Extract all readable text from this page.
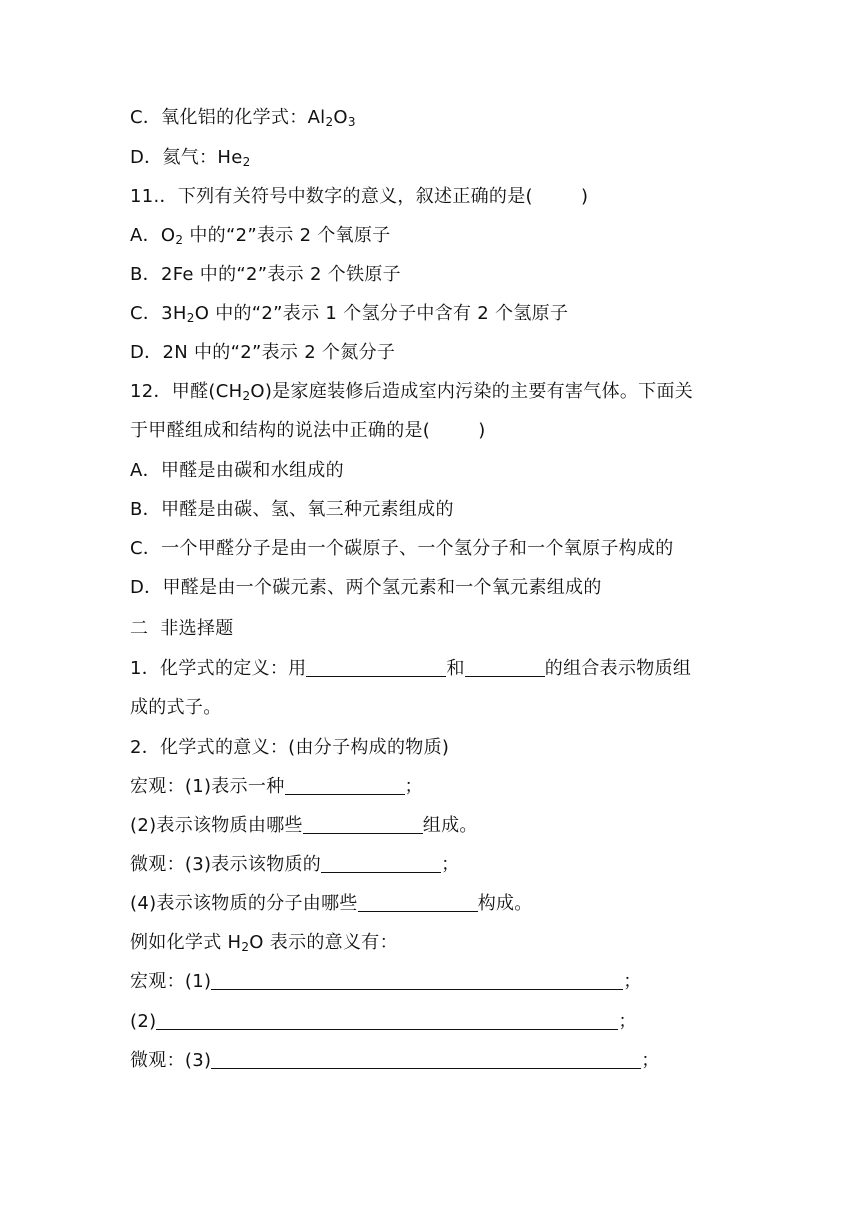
C．氧化铝的化学式：$Al_2O_3$
D．氦气：$He_2$
11.．下列有关符号中数字的意义，叙述正确的是(        )
A．$O_2$ 中的“2”表示 2 个氧原子
B．2Fe 中的“2”表示 2 个铁原子
C．$3H_2O$ 中的“2”表示 1 个氢分子中含有 2 个氢原子
D．2N 中的“2”表示 2 个氮分子
12．甲醛$(CH_2O)$是家庭装修后造成室内污染的主要有害气体。下面关
于甲醛组成和结构的说法中正确的是(        )
A．甲醛是由碳和水组成的
B．甲醛是由碳、氢、氧三种元素组成的
C．一个甲醛分子是由一个碳原子、一个氢分子和一个氧原子构成的
D．甲醛是由一个碳元素、两个氢元素和一个氧元素组成的
二  非选择题
1．化学式的定义：用	和	的组合表示物质组
成的式子。
2．化学式的意义：(由分子构成的物质)
宏观：(1)表示一种	；
(2)表示该物质由哪些	组成。
微观：(3)表示该物质的	；
(4)表示该物质的分子由哪些	构成。
例如化学式 $H_2O$ 表示的意义有：
宏观：(1)	；
(2)	；
微观：(3)	；
